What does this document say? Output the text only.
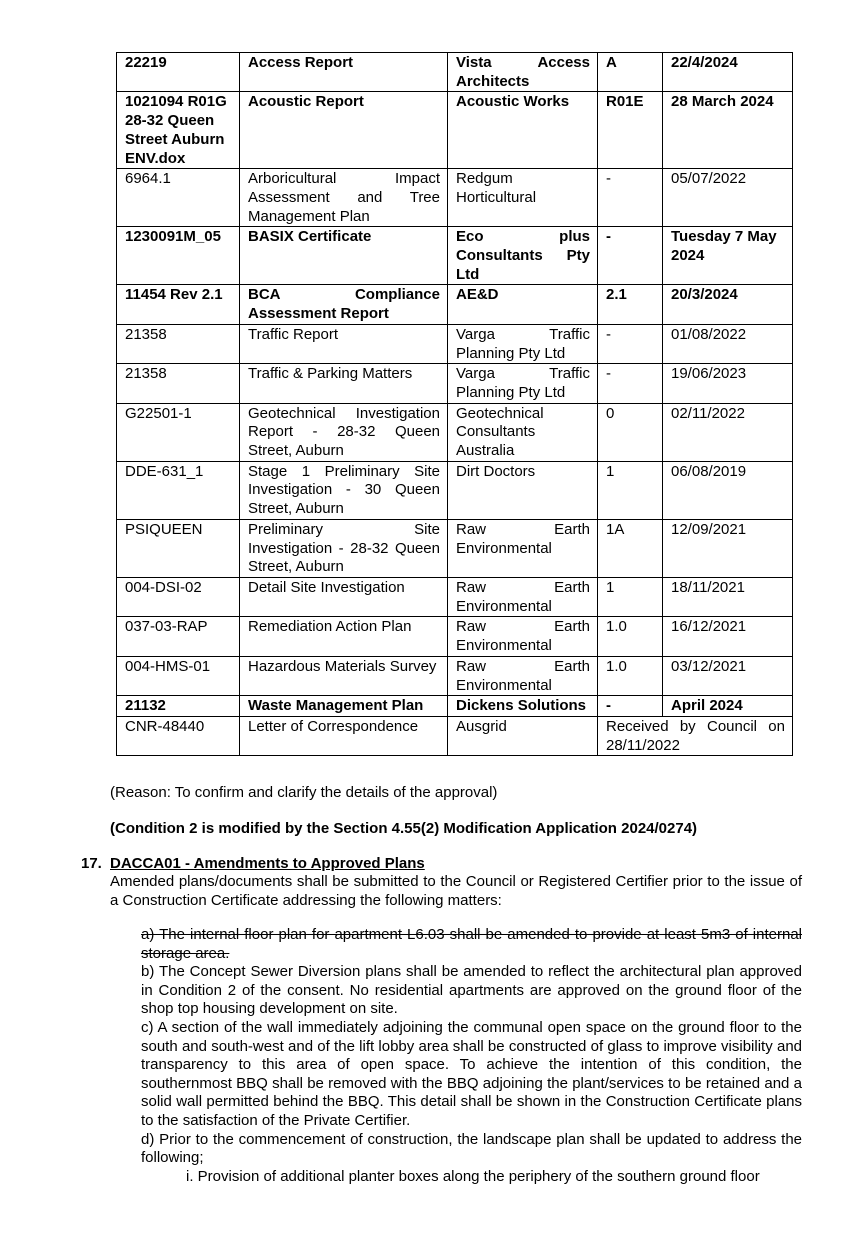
22219	Access Report	Vista Access Architects	A	22/4/2024
1021094 R01G 28-32 Queen Street Auburn ENV.dox	Acoustic Report	Acoustic Works	R01E	28 March 2024
6964.1	Arboricultural Impact Assessment and Tree Management Plan	Redgum Horticultural	-	05/07/2022
1230091M_05	BASIX Certificate	Eco plus Consultants Pty Ltd	-	Tuesday 7 May 2024
11454 Rev 2.1	BCA Compliance Assessment Report	AE&D	2.1	20/3/2024
21358	Traffic Report	Varga Traffic Planning Pty Ltd	-	01/08/2022
21358	Traffic & Parking Matters	Varga Traffic Planning Pty Ltd	-	19/06/2023
G22501-1	Geotechnical Investigation Report - 28-32 Queen Street, Auburn	Geotechnical Consultants Australia	0	02/11/2022
DDE-631_1	Stage 1 Preliminary Site Investigation - 30 Queen Street, Auburn	Dirt Doctors	1	06/08/2019
PSIQUEEN	Preliminary Site Investigation - 28-32 Queen Street, Auburn	Raw Earth Environmental	1A	12/09/2021
004-DSI-02	Detail Site Investigation	Raw Earth Environmental	1	18/11/2021
037-03-RAP	Remediation Action Plan	Raw Earth Environmental	1.0	16/12/2021
004-HMS-01	Hazardous Materials Survey	Raw Earth Environmental	1.0	03/12/2021
21132	Waste Management Plan	Dickens Solutions	-	April 2024
CNR-48440	Letter of Correspondence	Ausgrid	Received by Council on 28/11/2022	

(Reason: To confirm and clarify the details of the approval)

(Condition 2 is modified by the Section 4.55(2) Modification Application 2024/0274)

17. DACCA01 - Amendments to Approved Plans

Amended plans/documents shall be submitted to the Council or Registered Certifier prior to the issue of a Construction Certificate addressing the following matters:

a) The internal floor plan for apartment L6.03 shall be amended to provide at least 5m3 of internal storage area.

b) The Concept Sewer Diversion plans shall be amended to reflect the architectural plan approved in Condition 2 of the consent. No residential apartments are approved on the ground floor of the shop top housing development on site.

c) A section of the wall immediately adjoining the communal open space on the ground floor to the south and south-west and of the lift lobby area shall be constructed of glass to improve visibility and transparency to this area of open space. To achieve the intention of this condition, the southernmost BBQ shall be removed with the BBQ adjoining the plant/services to be retained and a solid wall permitted behind the BBQ. This detail shall be shown in the Construction Certificate plans to the satisfaction of the Private Certifier.

d) Prior to the commencement of construction, the landscape plan shall be updated to address the following;

i. Provision of additional planter boxes along the periphery of the southern ground floor
